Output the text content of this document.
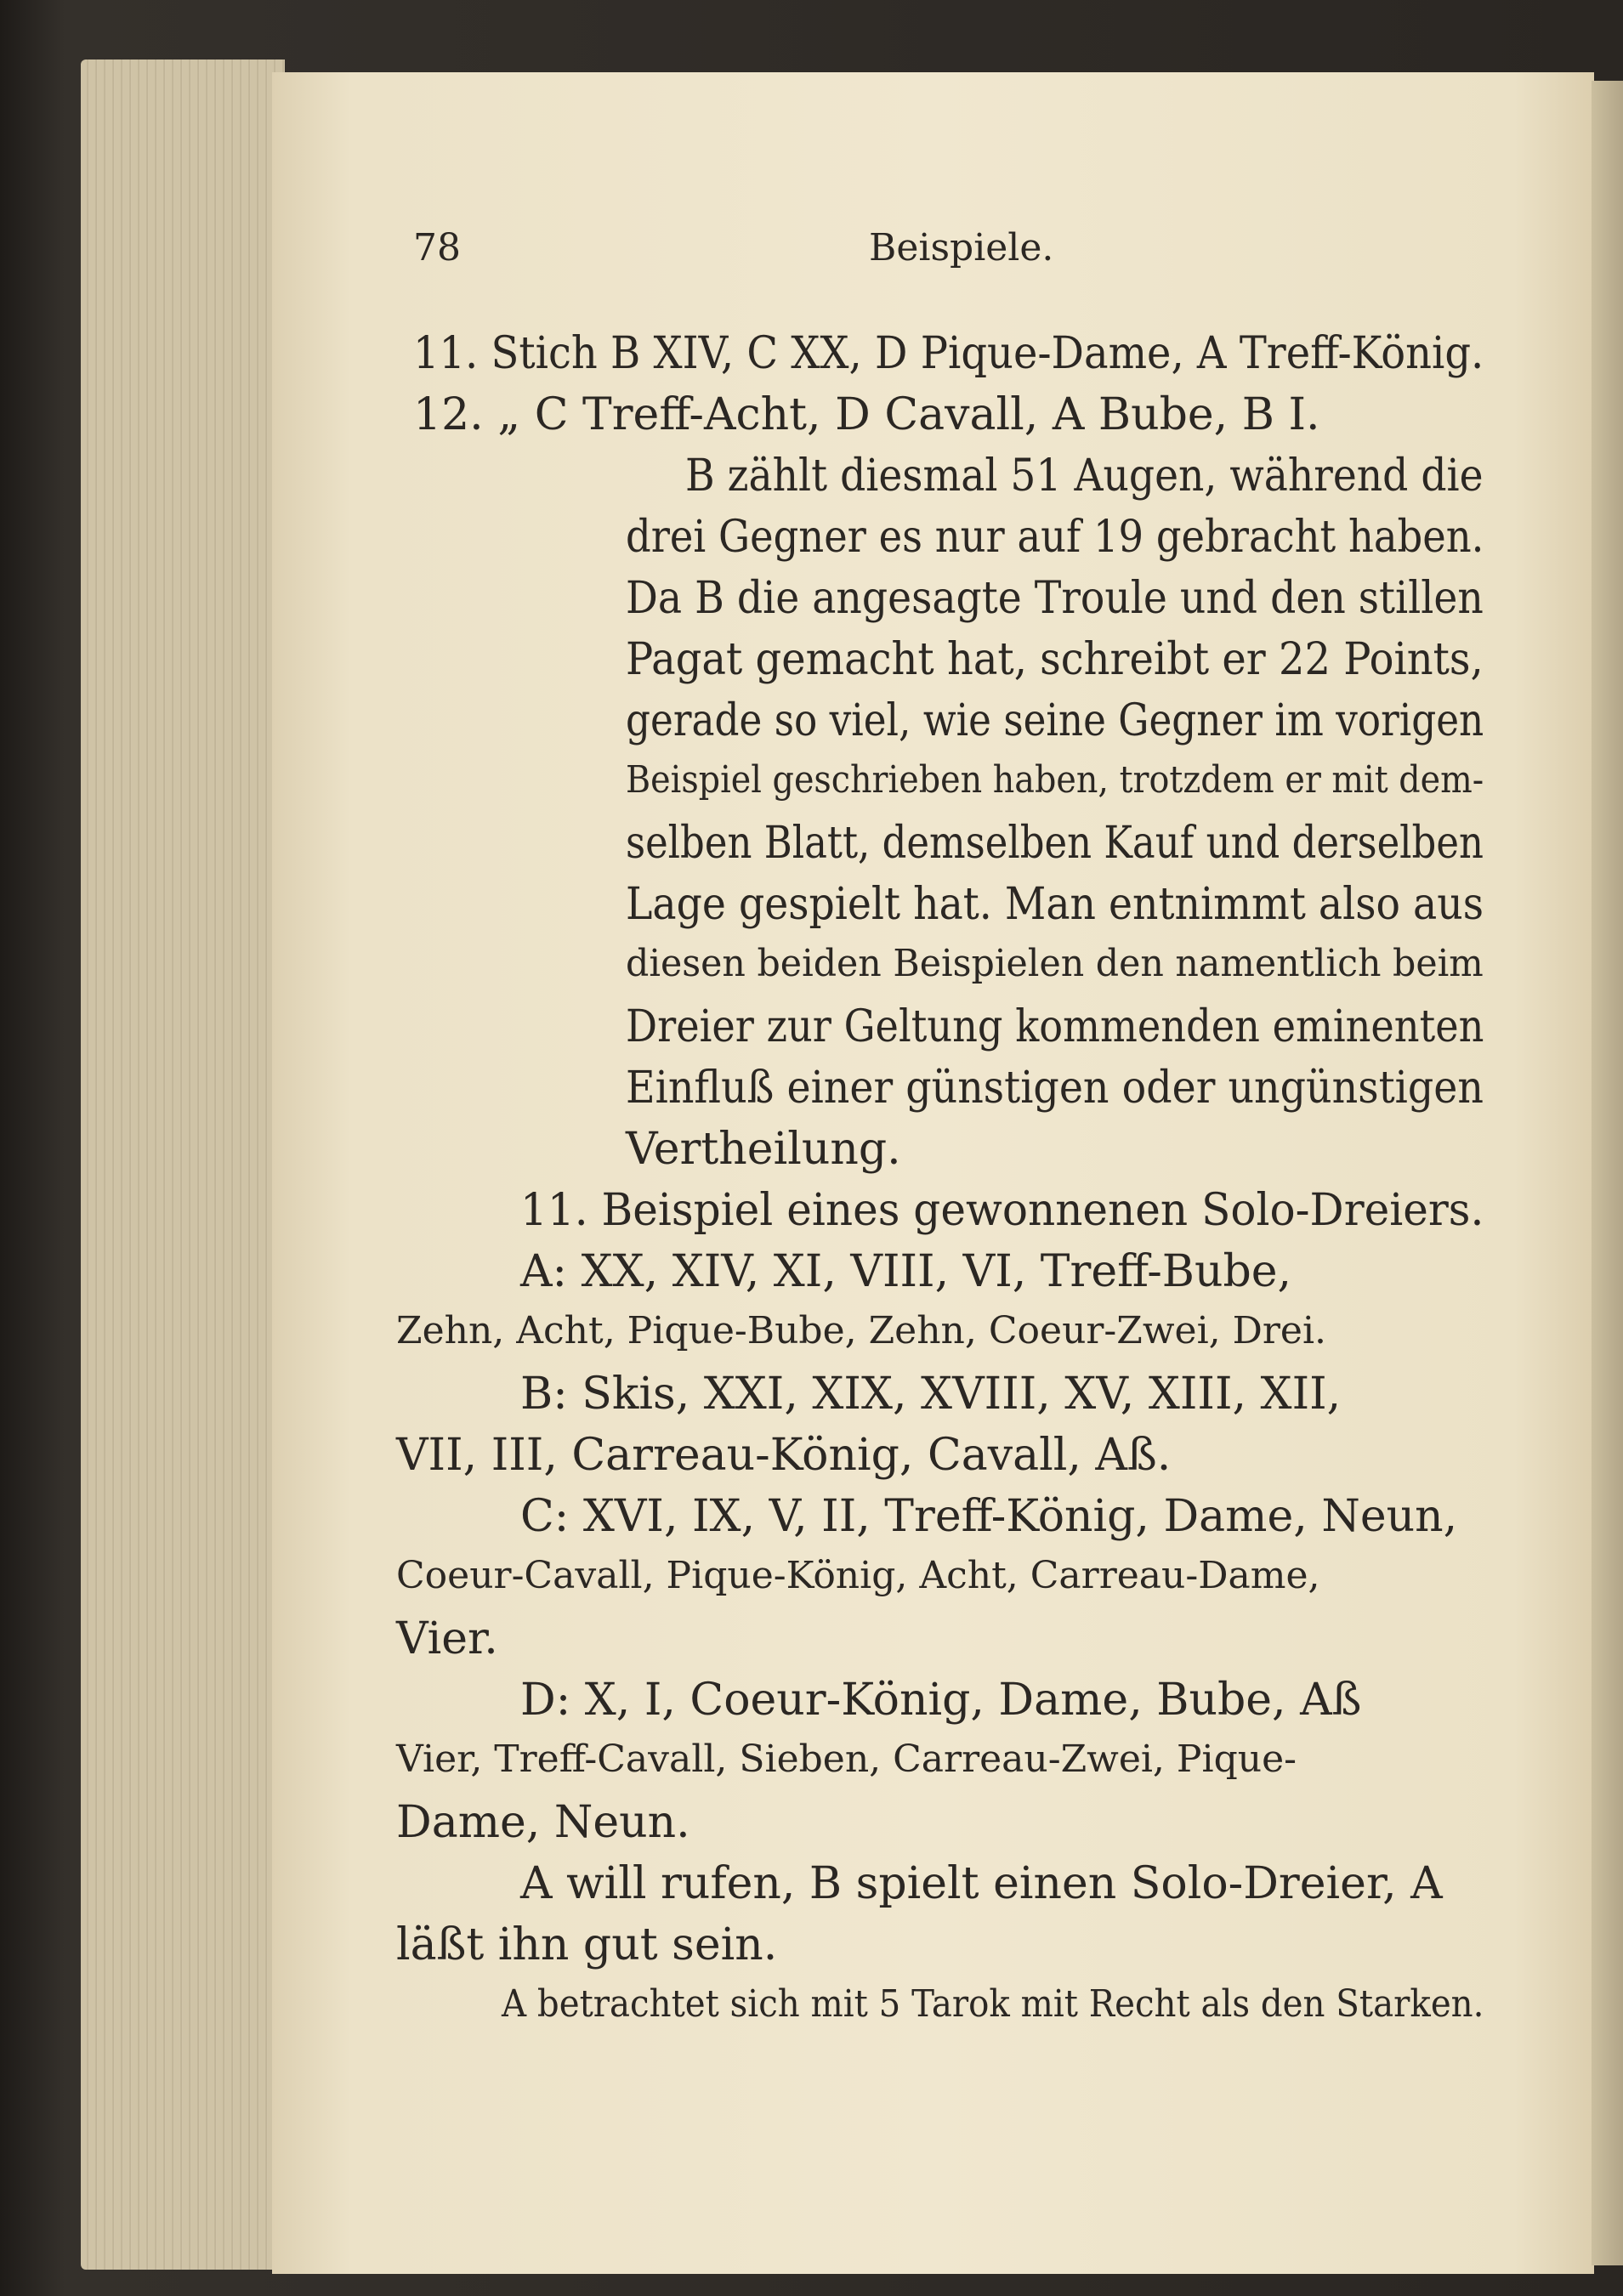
78	Beispiele.
11. Stich B XIV, C XX, D Pique-Dame, A Treff-König.
12. „ C Treff-Acht, D Cavall, A Bube, B I.
B zählt diesmal 51 Augen, während die
drei Gegner es nur auf 19 gebracht haben.
Da B die angesagte Troule und den stillen
Pagat gemacht hat, schreibt er 22 Points,
gerade so viel, wie seine Gegner im vorigen
Beispiel geschrieben haben, trotzdem er mit dem-
selben Blatt, demselben Kauf und derselben
Lage gespielt hat. Man entnimmt also aus
diesen beiden Beispielen den namentlich beim
Dreier zur Geltung kommenden eminenten
Einfluß einer günstigen oder ungünstigen
Vertheilung.
11. Beispiel eines gewonnenen Solo-Dreiers.
A: XX, XIV, XI, VIII, VI, Treff-Bube,
Zehn, Acht, Pique-Bube, Zehn, Coeur-Zwei, Drei.
B: Skis, XXI, XIX, XVIII, XV, XIII, XII,
VII, III, Carreau-König, Cavall, Aß.
C: XVI, IX, V, II, Treff-König, Dame, Neun,
Coeur-Cavall, Pique-König, Acht, Carreau-Dame,
Vier.
D: X, I, Coeur-König, Dame, Bube, Aß
Vier, Treff-Cavall, Sieben, Carreau-Zwei, Pique-
Dame, Neun.
A will rufen, B spielt einen Solo-Dreier, A
läßt ihn gut sein.
A betrachtet sich mit 5 Tarok mit Recht als den Starken.
